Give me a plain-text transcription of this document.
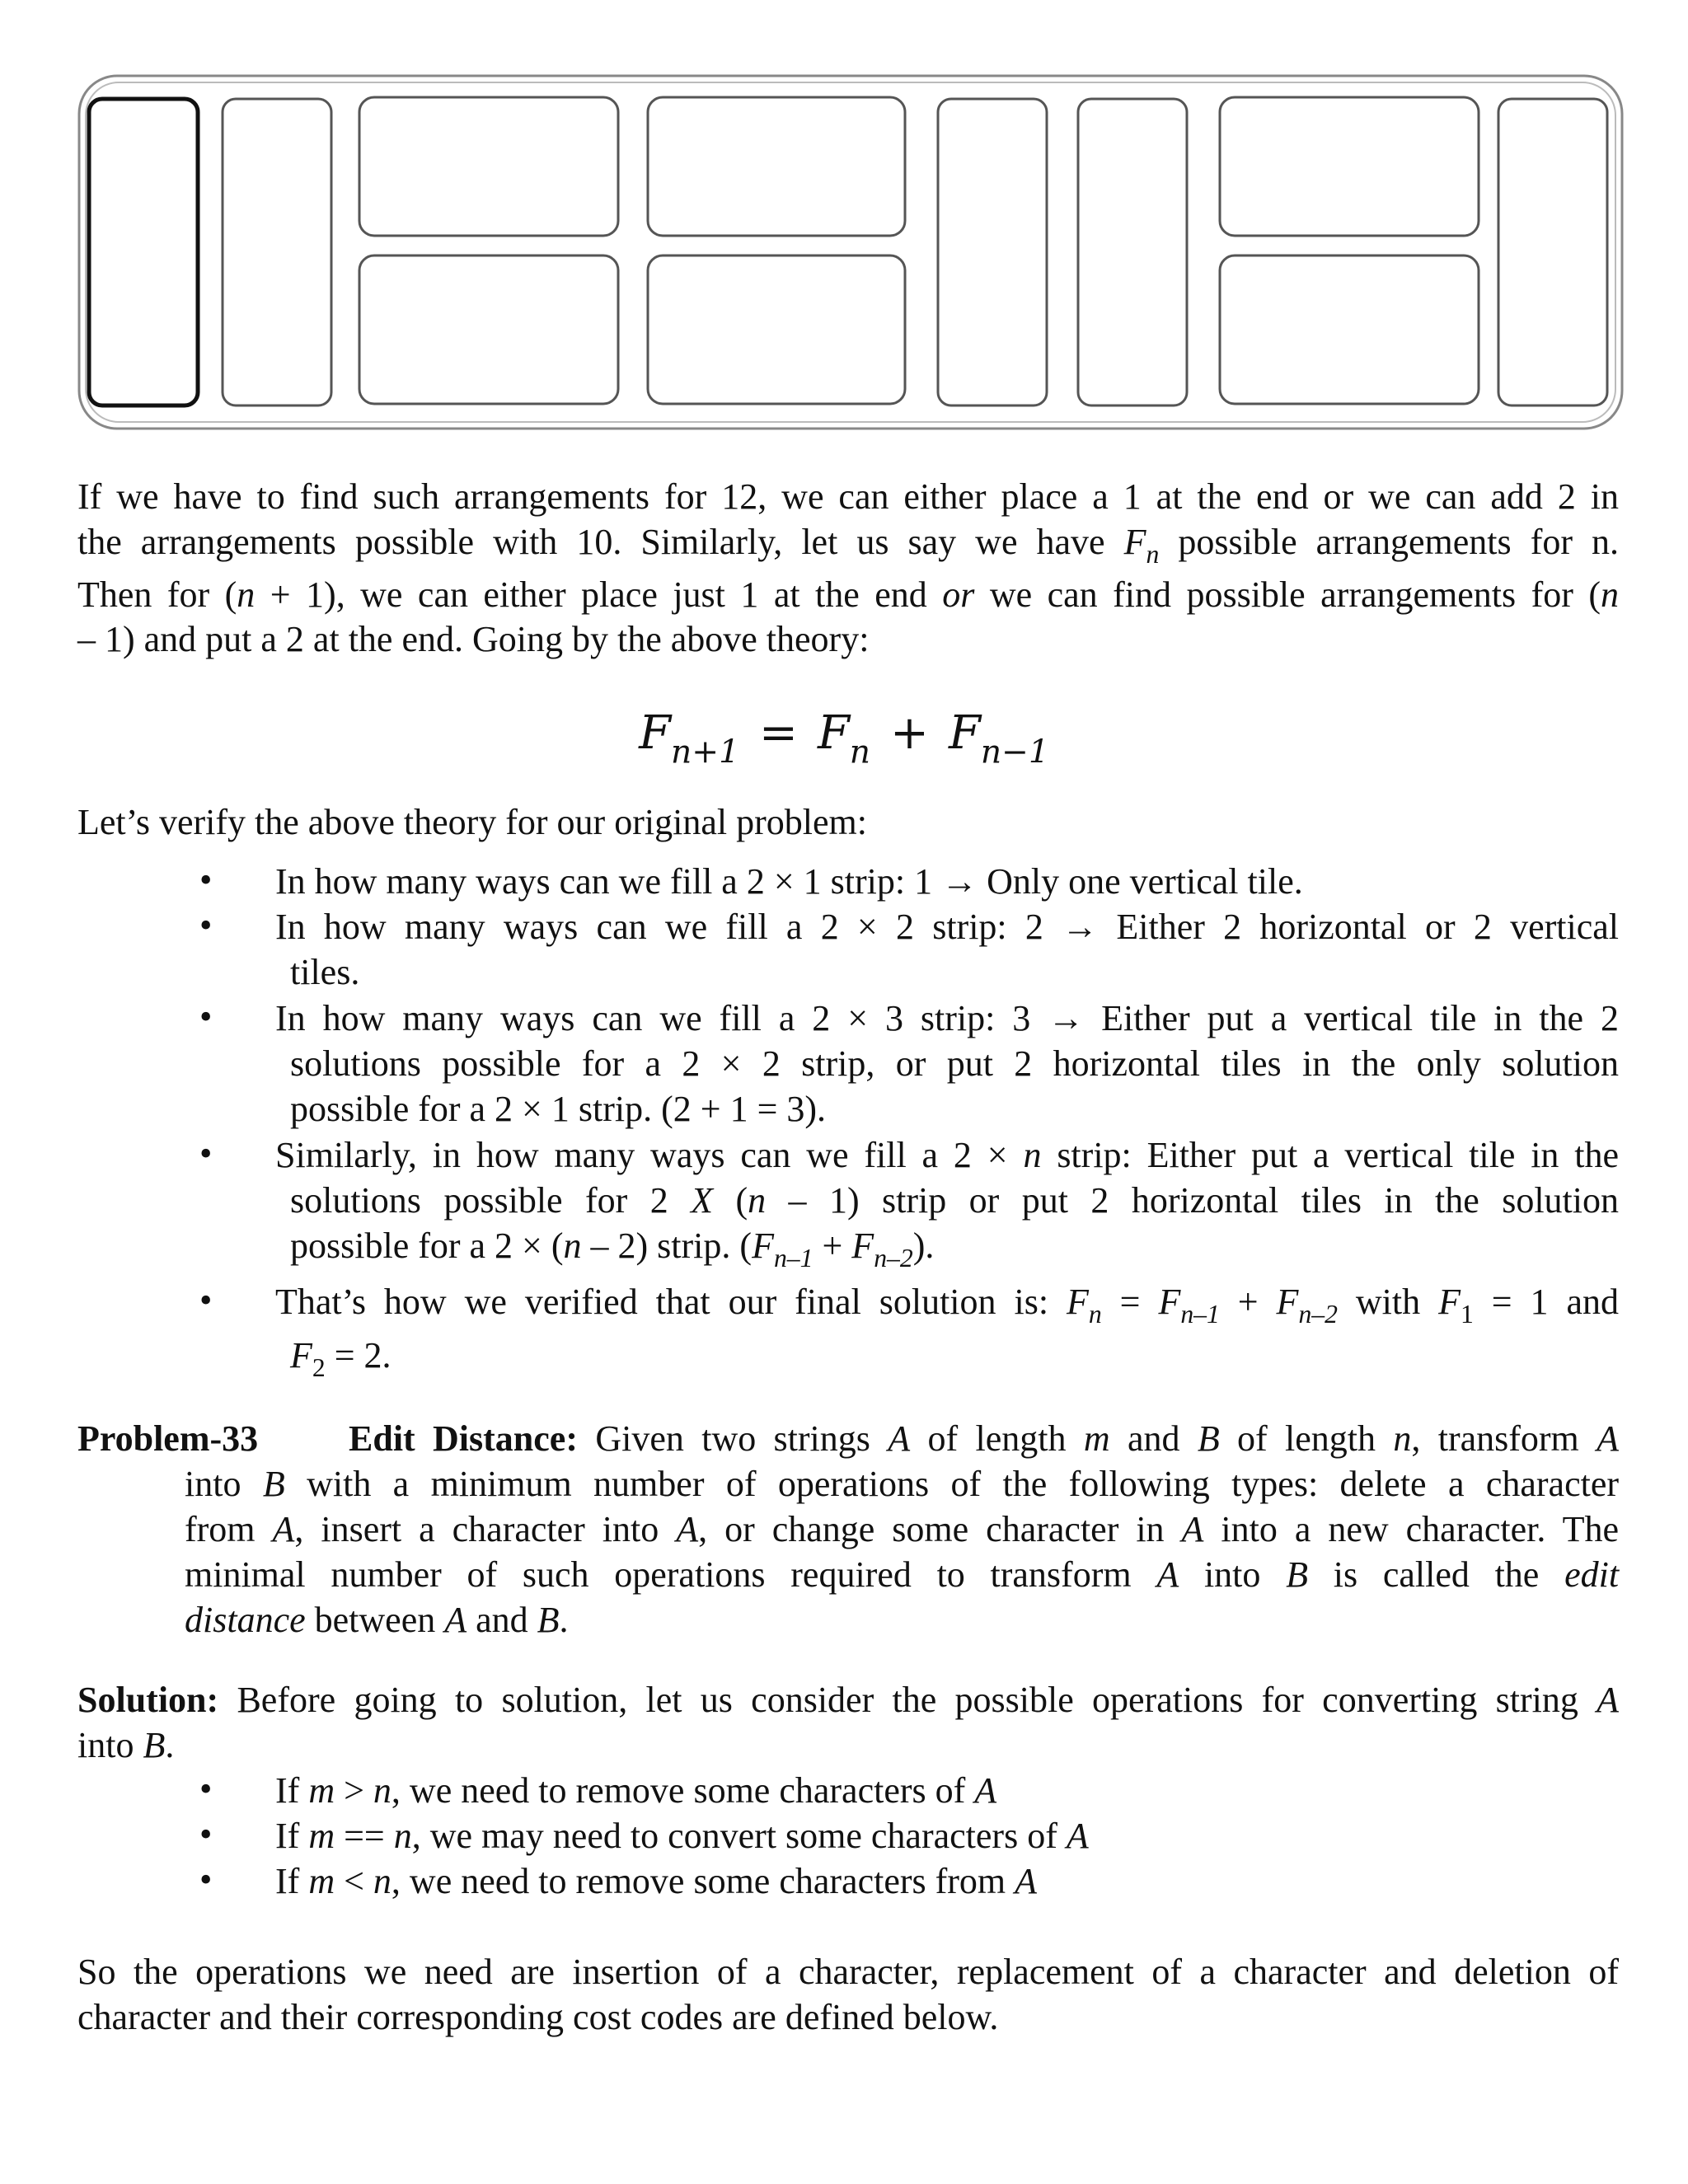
If we have to find such arrangements for 12, we can either place a 1 at the end or we can add 2 in
the arrangements possible with 10. Similarly, let us say we have $F_n$ possible arrangements for n.
Then for (n + 1), we can either place just 1 at the end or we can find possible arrangements for (n
– 1) and put a 2 at the end. Going by the above theory:
$F_{n+1} = F_n + F_{n-1}$
Let’s verify the above theory for our original problem:
• In how many ways can we fill a 2 × 1 strip: 1 → Only one vertical tile.
• In how many ways can we fill a 2 × 2 strip: 2 → Either 2 horizontal or 2 vertical
tiles.
• In how many ways can we fill a 2 × 3 strip: 3 → Either put a vertical tile in the 2
solutions possible for a 2 × 2 strip, or put 2 horizontal tiles in the only solution
possible for a 2 × 1 strip. (2 + 1 = 3).
• Similarly, in how many ways can we fill a 2 × n strip: Either put a vertical tile in the
solutions possible for 2 X (n – 1) strip or put 2 horizontal tiles in the solution
possible for a 2 × (n – 2) strip. $(F_{n-1} + F_{n-2})$.
• That’s how we verified that our final solution is: $F_n = F_{n-1} + F_{n-2}$ with $F_1 = 1$ and
$F_2 = 2$.
Problem-33 Edit Distance: Given two strings A of length m and B of length n, transform A
into B with a minimum number of operations of the following types: delete a character
from A, insert a character into A, or change some character in A into a new character. The
minimal number of such operations required to transform A into B is called the edit
distance between A and B.
Solution: Before going to solution, let us consider the possible operations for converting string A
into B.
• If m > n, we need to remove some characters of A
• If m == n, we may need to convert some characters of A
• If m < n, we need to remove some characters from A
So the operations we need are insertion of a character, replacement of a character and deletion of
character and their corresponding cost codes are defined below.
